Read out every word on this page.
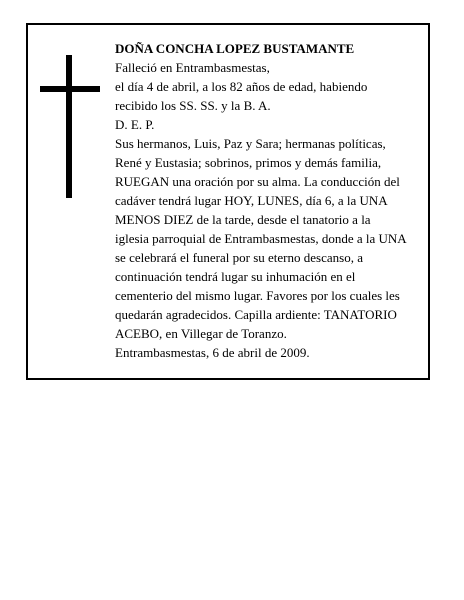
DOÑA CONCHA LOPEZ BUSTAMANTE
Falleció en Entrambasmestas,
el día 4 de abril, a los 82 años de edad, habiendo
recibido los SS. SS. y la B. A.
D. E. P.
Sus hermanos, Luis, Paz y Sara; hermanas políticas,
René y Eustasia; sobrinos, primos y demás familia,
RUEGAN una oración por su alma. La conducción del
cadáver tendrá lugar HOY, LUNES, día 6, a la UNA
MENOS DIEZ de la tarde, desde el tanatorio a la
iglesia parroquial de Entrambasmestas, donde a la UNA
se celebrará el funeral por su eterno descanso, a
continuación tendrá lugar su inhumación en el
cementerio del mismo lugar. Favores por los cuales les
quedarán agradecidos. Capilla ardiente: TANATORIO
ACEBO, en Villegar de Toranzo.
Entrambasmestas, 6 de abril de 2009.
